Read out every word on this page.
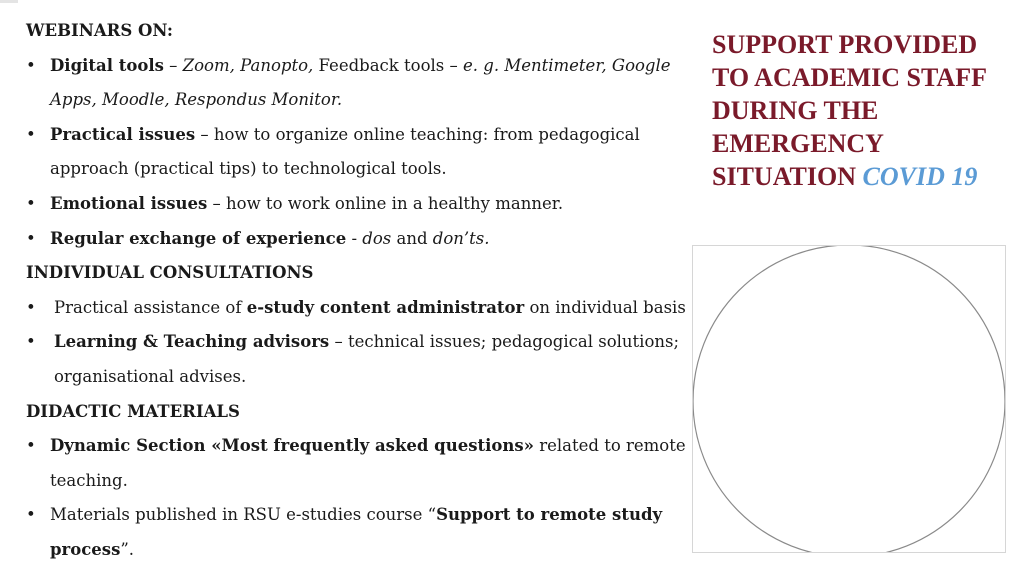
WEBINARS ON:
• Digital tools – Zoom, Panopto, Feedback tools – e. g. Mentimeter, Google
Apps, Moodle, Respondus Monitor.
• Practical issues – how to organize online teaching: from pedagogical
approach (practical tips) to technological tools.
• Emotional issues – how to work online in a healthy manner.
• Regular exchange of experience - dos and don’ts.
INDIVIDUAL CONSULTATIONS
• Practical assistance of e-study content administrator on individual basis
• Learning & Teaching advisors – technical issues; pedagogical solutions;
organisational advises.
DIDACTIC MATERIALS
• Dynamic Section «Most frequently asked questions» related to remote
teaching.
• Materials published in RSU e-studies course “Support to remote study
process”.
SUPPORT PROVIDED
TO ACADEMIC STAFF
DURING THE
EMERGENCY
SITUATION COVID 19
